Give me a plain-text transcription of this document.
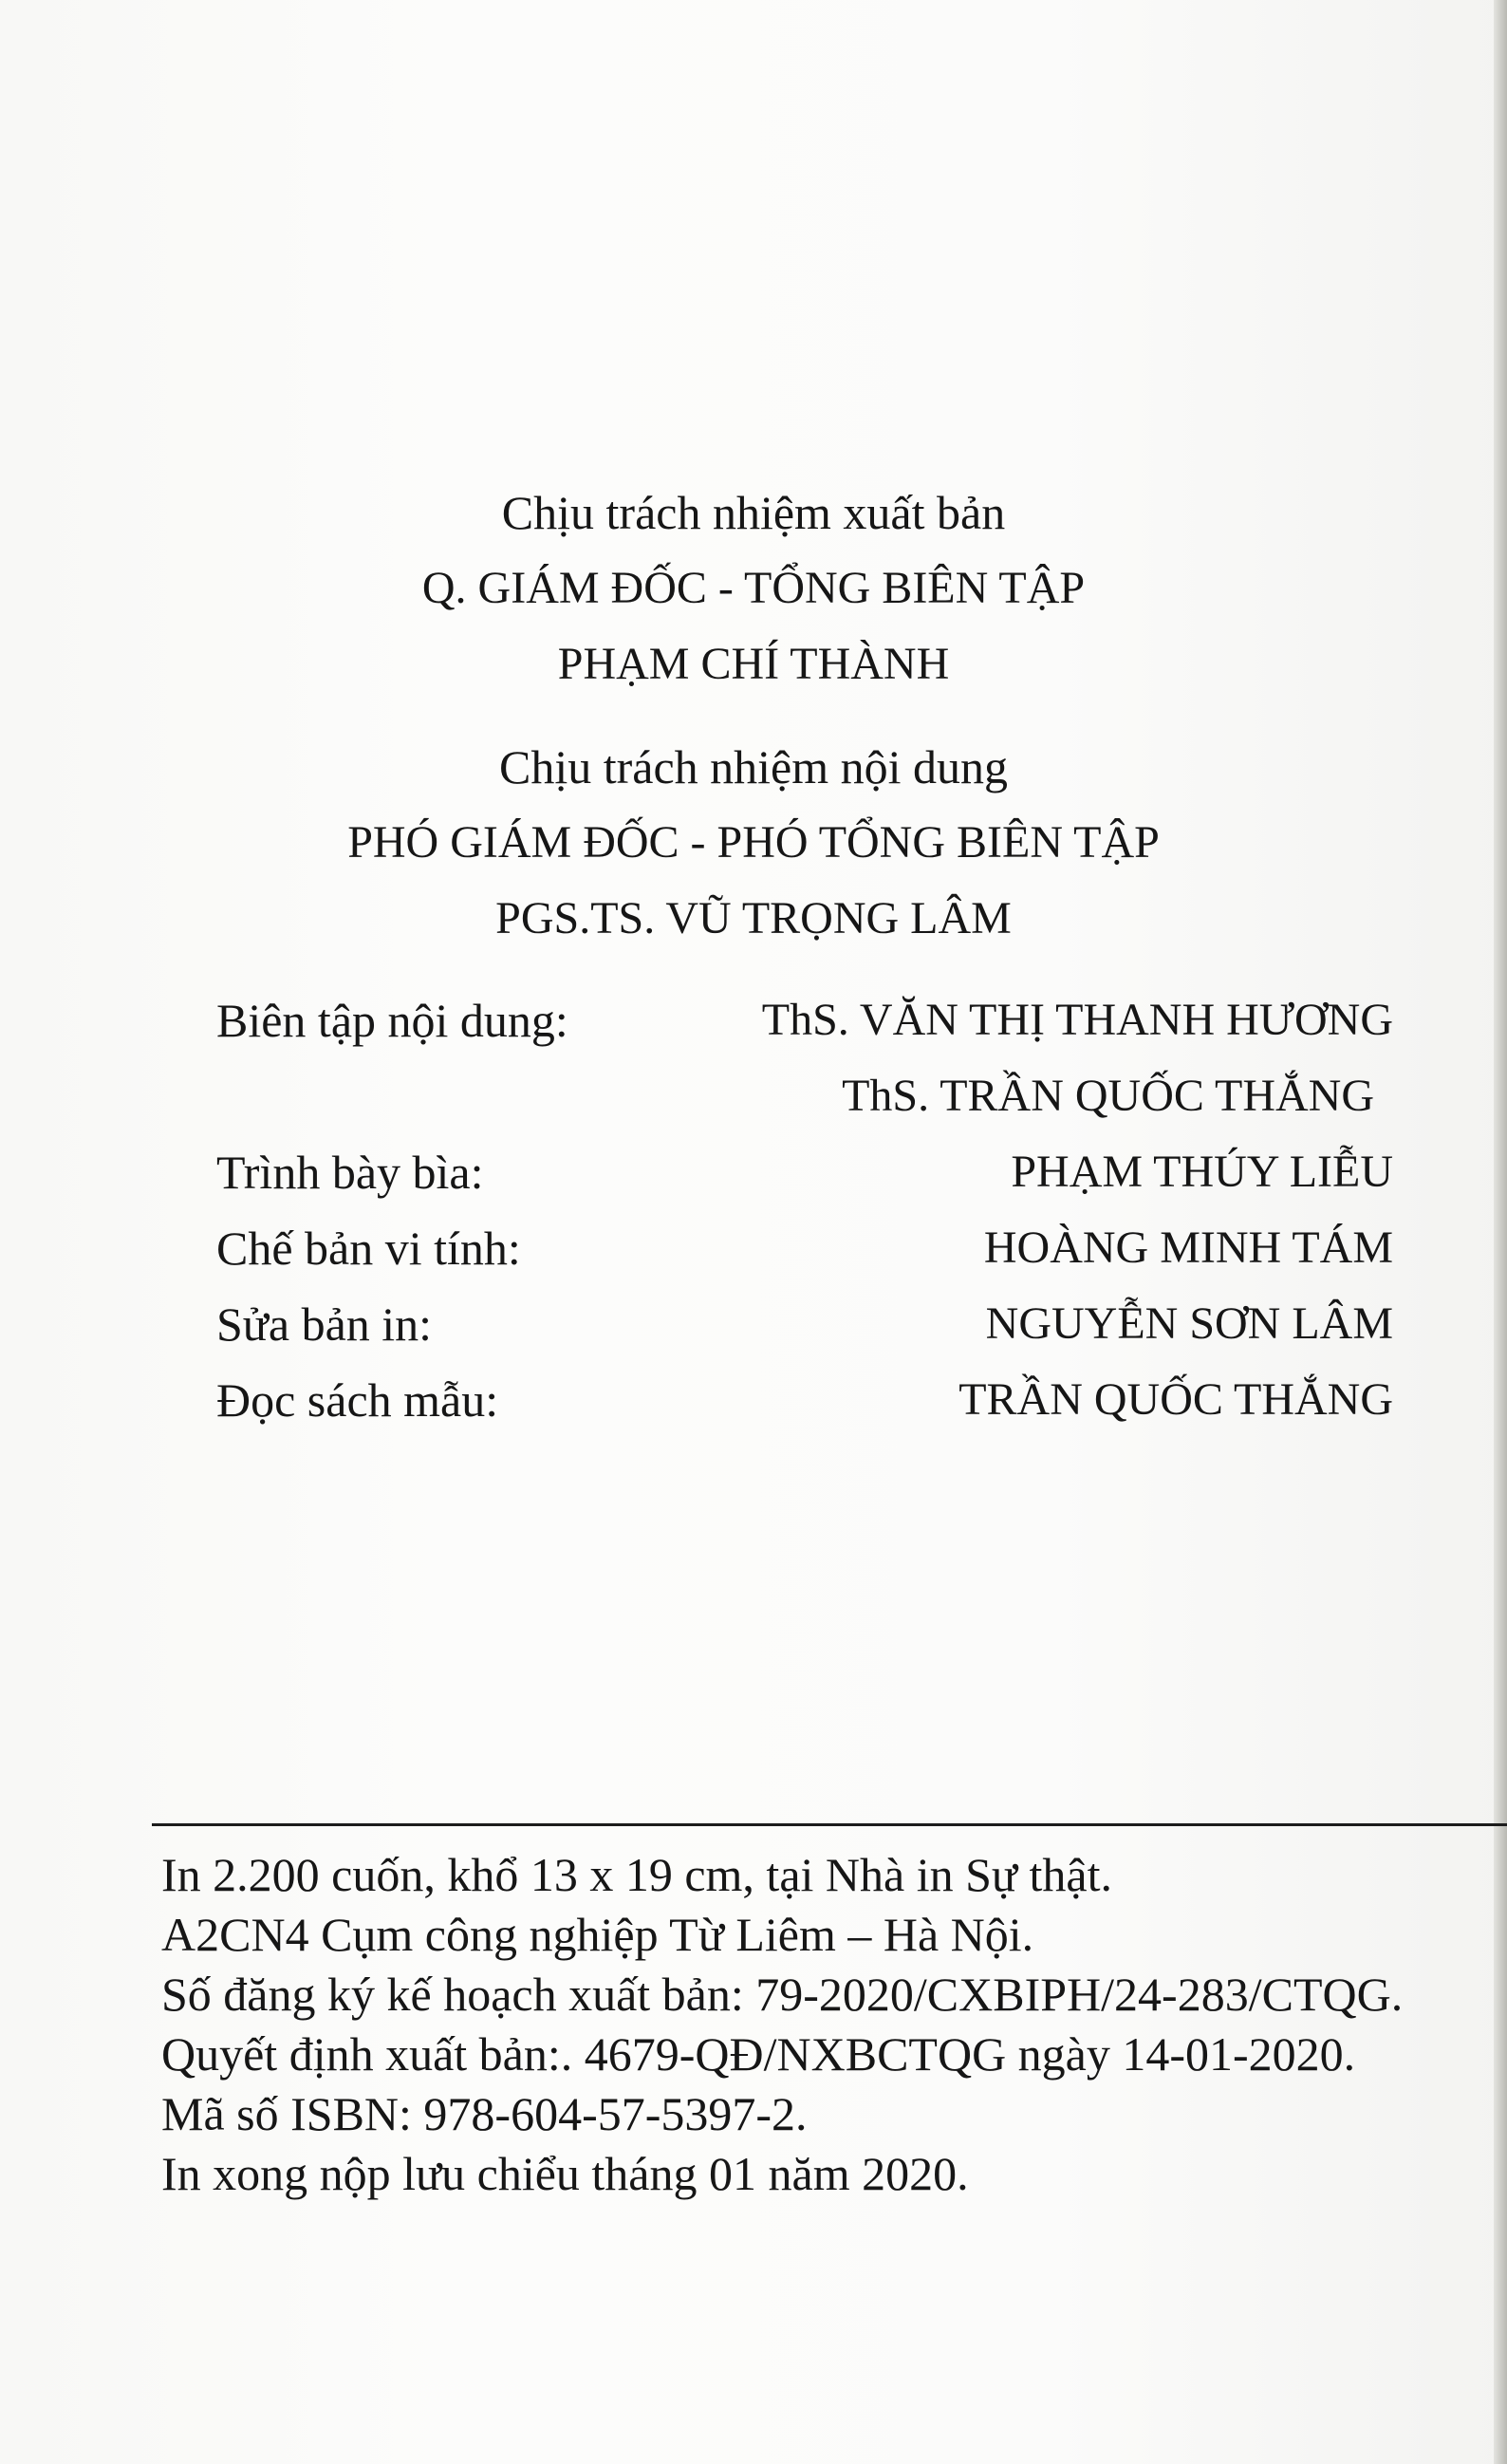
Chịu trách nhiệm xuất bản
Q. GIÁM ĐỐC - TỔNG BIÊN TẬP
PHẠM CHÍ THÀNH
Chịu trách nhiệm nội dung
PHÓ GIÁM ĐỐC - PHÓ TỔNG BIÊN TẬP
PGS.TS. VŨ TRỌNG LÂM
Biên tập nội dung:	ThS. VĂN THỊ THANH HƯƠNG
ThS. TRẦN QUỐC THẮNG
Trình bày bìa:	PHẠM THÚY LIỄU
Chế bản vi tính:	HOÀNG MINH TÁM
Sửa bản in:	NGUYỄN SƠN LÂM
Đọc sách mẫu:	TRẦN QUỐC THẮNG
In 2.200 cuốn, khổ 13 x 19 cm, tại Nhà in Sự thật.
A2CN4 Cụm công nghiệp Từ Liêm – Hà Nội.
Số đăng ký kế hoạch xuất bản: 79-2020/CXBIPH/24-283/CTQG.
Quyết định xuất bản:. 4679-QĐ/NXBCTQG ngày 14-01-2020.
Mã số ISBN: 978-604-57-5397-2.
In xong nộp lưu chiểu tháng 01 năm 2020.
